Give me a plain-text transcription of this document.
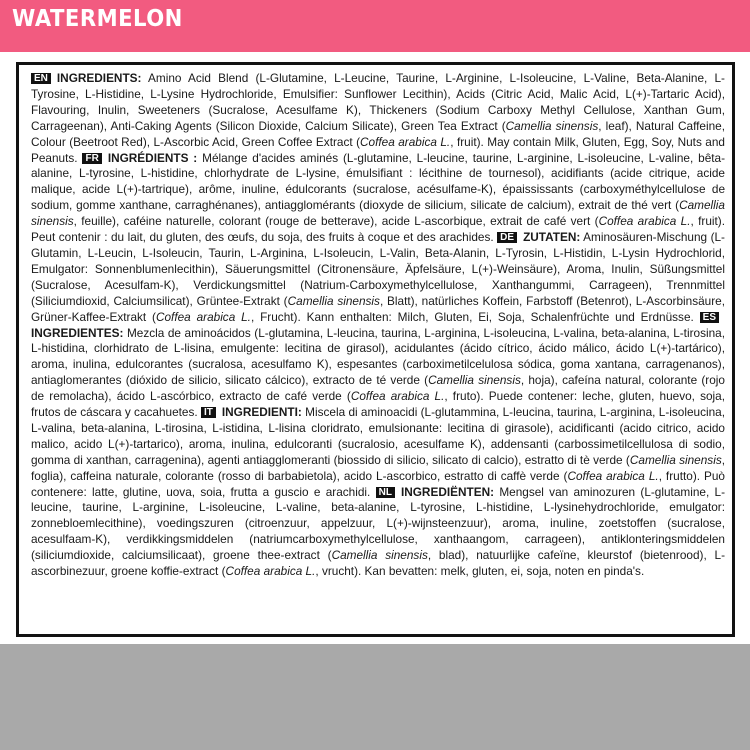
WATERMELON
EN INGREDIENTS: Amino Acid Blend (L-Glutamine, L-Leucine, Taurine, L-Arginine, L-Isoleucine, L-Valine, Beta-Alanine, L-Tyrosine, L-Histidine, L-Lysine Hydrochloride, Emulsifier: Sunflower Lecithin), Acids (Citric Acid, Malic Acid, L(+)-Tartaric Acid), Flavouring, Inulin, Sweeteners (Sucralose, Acesulfame K), Thickeners (Sodium Carboxy Methyl Cellulose, Xanthan Gum, Carrageenan), Anti-Caking Agents (Silicon Dioxide, Calcium Silicate), Green Tea Extract (Camellia sinensis, leaf), Natural Caffeine, Colour (Beetroot Red), L-Ascorbic Acid, Green Coffee Extract (Coffea arabica L., fruit). May contain Milk, Gluten, Egg, Soy, Nuts and Peanuts. FR INGRÉDIENTS : Mélange d'acides aminés (L-glutamine, L-leucine, taurine, L-arginine, L-isoleucine, L-valine, bêta-alanine, L-tyrosine, L-histidine, chlorhydrate de L-lysine, émulsifiant : lécithine de tournesol), acidifiants (acide citrique, acide malique, acide L(+)-tartrique), arôme, inuline, édulcorants (sucralose, acésulfame-K), épaississants (carboxyméthylcellulose de sodium, gomme xanthane, carraghénanes), antiagglomérants (dioxyde de silicium, silicate de calcium), extrait de thé vert (Camellia sinensis, feuille), caféine naturelle, colorant (rouge de betterave), acide L-ascorbique, extrait de café vert (Coffea arabica L., fruit). Peut contenir : du lait, du gluten, des œufs, du soja, des fruits à coque et des arachides. DE ZUTATEN: Aminosäuren-Mischung (L-Glutamin, L-Leucin, L-Isoleucin, Taurin, L-Arginina, L-Isoleucin, L-Valin, Beta-Alanin, L-Tyrosin, L-Histidin, L-Lysin Hydrochlorid, Emulgator: Sonnenblumenlecithin), Säuerungsmittel (Citronensäure, Äpfelsäure, L(+)-Weinsäure), Aroma, Inulin, Süßungsmittel (Sucralose, Acesulfam-K), Verdickungsmittel (Natrium-Carboxymethylcellulose, Xanthangummi, Carrageen), Trennmittel (Siliciumdioxid, Calciumsilicat), Grüntee-Extrakt (Camellia sinensis, Blatt), natürliches Koffein, Farbstoff (Betenrot), L-Ascorbinsäure, Grüner-Kaffee-Extrakt (Coffea arabica L., Frucht). Kann enthalten: Milch, Gluten, Ei, Soja, Schalenfrüchte und Erdnüsse. ESINGREDIENTES: Mezcla de aminoácidos (L-glutamina, L-leucina, taurina, L-arginina, L-isoleucina, L-valina, beta-alanina, L-tirosina, L-histidina, clorhidrato de L-lisina, emulgente: lecitina de girasol), acidulantes (ácido cítrico, ácido málico, ácido L(+)-tartárico), aroma, inulina, edulcorantes (sucralosa, acesulfamo K), espesantes (carboximetilcelulosa sódica, goma xantana, carragenanos), antiaglomerantes (dióxido de silicio, silicato cálcico), extracto de té verde (Camellia sinensis, hoja), cafeína natural, colorante (rojo de remolacha), ácido L-ascórbico, extracto de café verde (Coffea arabica L., fruto). Puede contener: leche, gluten, huevo, soja, frutos de cáscara y cacahuetes. IT INGREDIENTI: Miscela di aminoacidi (L-glutammina, L-leucina, taurina, L-arginina, L-isoleucina, L-valina, beta-alanina, L-tirosina, L-istidina, L-lisina cloridrato, emulsionante: lecitina di girasole), acidificanti (acido citrico, acido malico, acido L(+)-tartarico), aroma, inulina, edulcoranti (sucralosio, acesulfame K), addensanti (carbossimetilcellulosa di sodio, gomma di xanthan, carragenina), agenti antiagglomeranti (biossido di silicio, silicato di calcio), estratto di tè verde (Camellia sinensis, foglia), caffeina naturale, colorante (rosso di barbabietola), acido L-ascorbico, estratto di caffè verde (Coffea arabica L., frutto). Può contenere: latte, glutine, uova, soia, frutta a guscio e arachidi. NL INGREDIËNTEN: Mengsel van aminozuren (L-glutamine, L-leucine, taurine, L-arginine, L-isoleucine, L-valine, beta-alanine, L-tyrosine, L-histidine, L-lysinehydrochloride, emulgator: zonnebloemlecithine), voedingszuren (citroenzuur, appelzuur, L(+)-wijnsteenzuur), aroma, inuline, zoetstoffen (sucralose, acesulfaam-K), verdikkingsmiddelen (natriumcarboxymethylcellulose, xanthaangom, carrageen), antiklonteringsmiddelen (siliciumdioxide, calciumsilicaat), groene thee-extract (Camellia sinensis, blad), natuurlijke cafeïne, kleurstof (bietenrood), L-ascorbinezuur, groene koffie-extract (Coffea arabica L., vrucht). Kan bevatten: melk, gluten, ei, soja, noten en pinda's.
